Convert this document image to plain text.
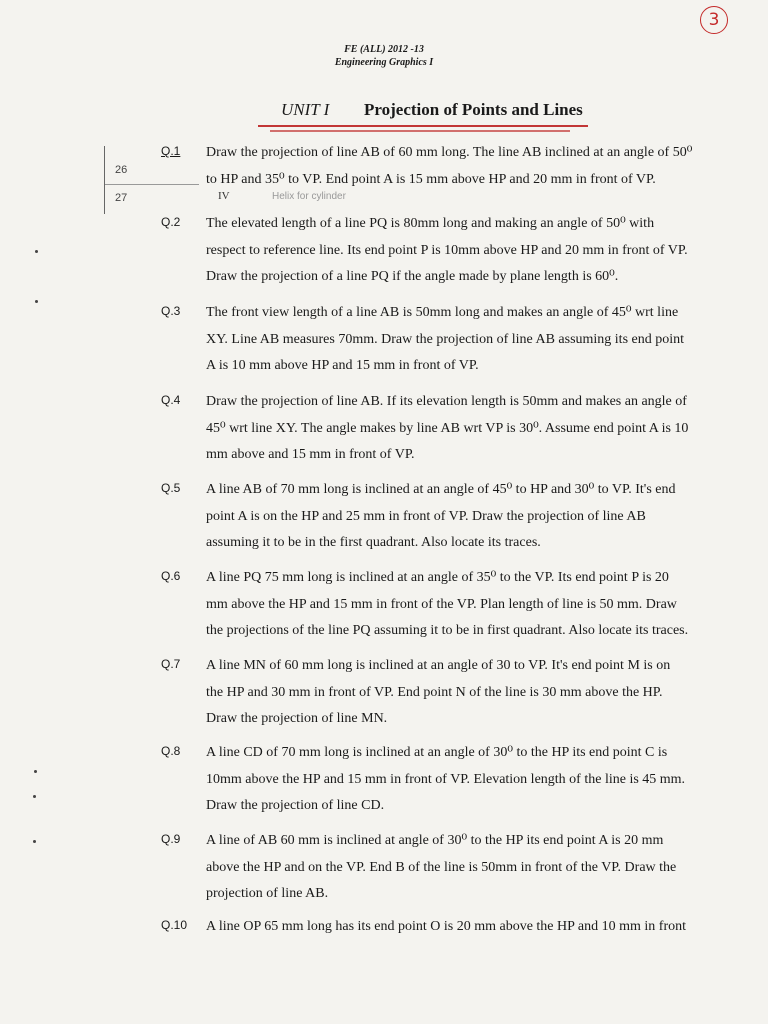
3
FE (ALL) 2012 -13
Engineering Graphics I
UNIT I Projection of Points and Lines
26
27	IV	Helix for cylinder
Q.1 Draw the projection of line AB of 60 mm long. The line AB inclined at an angle of 50⁰
to HP and 35⁰ to VP. End point A is 15 mm above HP and 20 mm in front of VP.
Q.2 The elevated length of a line PQ is 80mm long and making an angle of 50⁰ with
respect to reference line. Its end point P is 10mm above HP and 20 mm in front of VP.
Draw the projection of a line PQ if the angle made by plane length is 60⁰.
Q.3 The front view length of a line AB is 50mm long and makes an angle of 45⁰ wrt line
XY. Line AB measures 70mm. Draw the projection of line AB assuming its end point
A is 10 mm above HP and 15 mm in front of VP.
Q.4 Draw the projection of line AB. If its elevation length is 50mm and makes an angle of
45⁰ wrt line XY. The angle makes by line AB wrt VP is 30⁰. Assume end point A is 10
mm above and 15 mm in front of VP.
Q.5 A line AB of 70 mm long is inclined at an angle of 45⁰ to HP and 30⁰ to VP. It's end
point A is on the HP and 25 mm in front of VP. Draw the projection of line AB
assuming it to be in the first quadrant. Also locate its traces.
Q.6 A line PQ 75 mm long is inclined at an angle of 35⁰ to the VP. Its end point P is 20
mm above the HP and 15 mm in front of the VP. Plan length of line is 50 mm. Draw
the projections of the line PQ assuming it to be in first quadrant. Also locate its traces.
Q.7 A line MN of 60 mm long is inclined at an angle of 30 to VP. It's end point M is on
the HP and 30 mm in front of VP. End point N of the line is 30 mm above the HP.
Draw the projection of line MN.
Q.8 A line CD of 70 mm long is inclined at an angle of 30⁰ to the HP its end point C is
10mm above the HP and 15 mm in front of VP. Elevation length of the line is 45 mm.
Draw the projection of line CD.
Q.9 A line of AB 60 mm is inclined at angle of 30⁰ to the HP its end point A is 20 mm
above the HP and on the VP. End B of the line is 50mm in front of the VP. Draw the
projection of line AB.
Q.10 A line OP 65 mm long has its end point O is 20 mm above the HP and 10 mm in front
